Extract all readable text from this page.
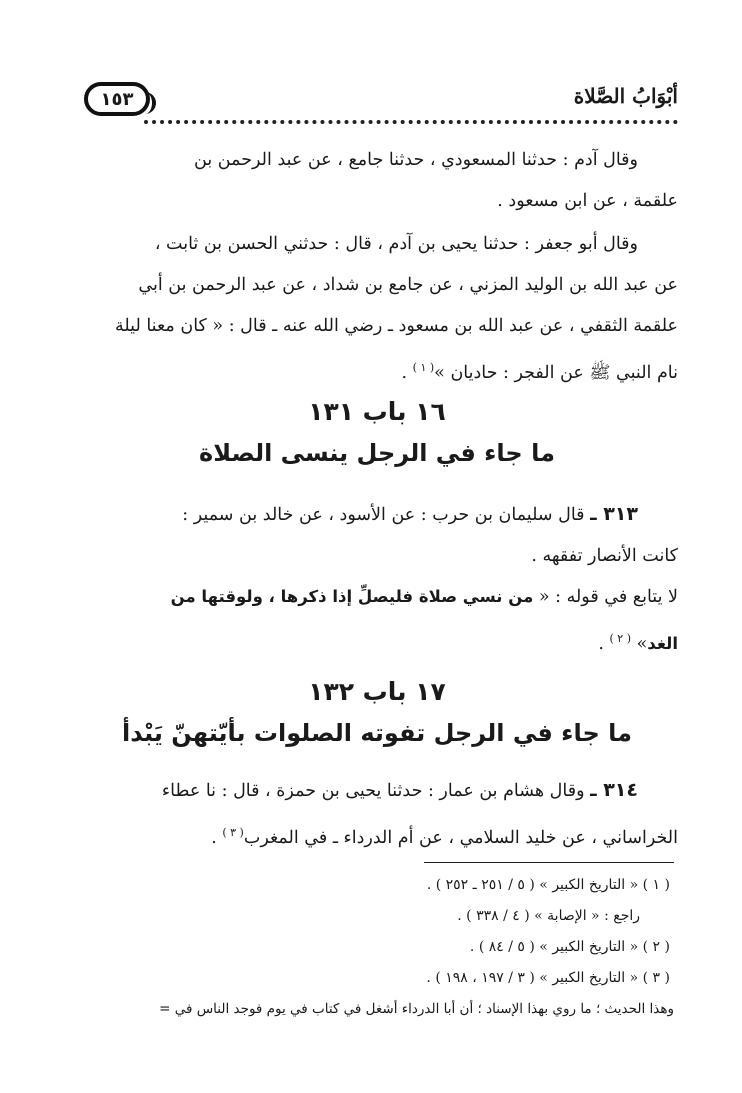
١٥٣	أبْوَابُ الصَّلاة

وقال آدم : حدثنا المسعودي ، حدثنا جامع ، عن عبد الرحمن بن

علقمة ، عن ابن مسعود .

وقال أبو جعفر : حدثنا يحيى بن آدم ، قال : حدثني الحسن بن ثابت ،

عن عبد الله بن الوليد المزني ، عن جامع بن شداد ، عن عبد الرحمن بن أبي

علقمة الثقفي ، عن عبد الله بن مسعود ـ رضي الله عنه ـ قال : « كان معنا ليلة

نام النبي ﷺ عن الفجر : حاديان »$^{( ١ )}$ .

١٦ باب ١٣١
ما جاء في الرجل ينسى الصلاة

٣١٣ ـ قال سليمان بن حرب : عن الأسود ، عن خالد بن سمير :

كانت الأنصار تفقهه .

لا يتابع في قوله : « من نسي صلاة فليصلِّ إذا ذكرها ، ولوقتها من

الغد» $^{( ٢ )}$ .

١٧ باب ١٣٢
ما جاء في الرجل تفوته الصلوات بأيّتهنّ يَبْدأ

٣١٤ ـ وقال هشام بن عمار : حدثنا يحيى بن حمزة ، قال : نا عطاء

الخراساني ، عن خليد السلامي ، عن أم الدرداء ـ في المغرب$^{( ٣ )}$ .

( ١ ) « التاريخ الكبير » ( ٥ / ٢٥١ ـ ٢٥٢ ) .

راجع : « الإصابة » ( ٤ / ٣٣٨ ) .

( ٢ ) « التاريخ الكبير » ( ٥ / ٨٤ ) .

( ٣ ) « التاريخ الكبير » ( ٣ / ١٩٧ ، ١٩٨ ) .

وهذا الحديث ؛ ما روي بهذا الإسناد ؛ أن أبا الدرداء أشغل في كتاب في يوم فوجد الناس في =
